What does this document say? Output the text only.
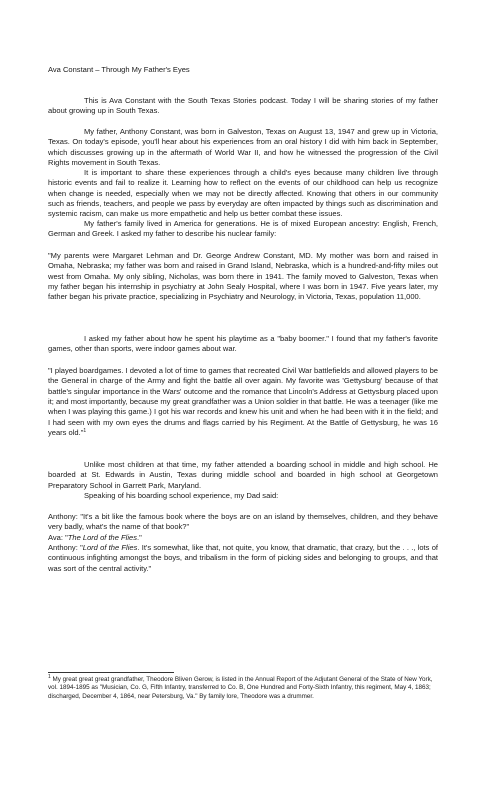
Ava Constant – Through My Father's Eyes

This is Ava Constant with the South Texas Stories podcast. Today I will be sharing stories of my father about growing up in South Texas.

My father, Anthony Constant, was born in Galveston, Texas on August 13, 1947 and grew up in Victoria, Texas. On today's episode, you'll hear about his experiences from an oral history I did with him back in September, which discusses growing up in the aftermath of World War II, and how he witnessed the progression of the Civil Rights movement in South Texas.

It is important to share these experiences through a child's eyes because many children live through historic events and fail to realize it. Learning how to reflect on the events of our childhood can help us recognize when change is needed, especially when we may not be directly affected. Knowing that others in our community such as friends, teachers, and people we pass by everyday are often impacted by things such as discrimination and systemic racism, can make us more empathetic and help us better combat these issues.

My father's family lived in America for generations. He is of mixed European ancestry: English, French, German and Greek. I asked my father to describe his nuclear family:

"My parents were Margaret Lehman and Dr. George Andrew Constant, MD. My mother was born and raised in Omaha, Nebraska; my father was born and raised in Grand Island, Nebraska, which is a hundred-and-fifty miles out west from Omaha. My only sibling, Nicholas, was born there in 1941. The family moved to Galveston, Texas when my father began his internship in psychiatry at John Sealy Hospital, where I was born in 1947. Five years later, my father began his private practice, specializing in Psychiatry and Neurology, in Victoria, Texas, population 11,000.

I asked my father about how he spent his playtime as a "baby boomer." I found that my father's favorite games, other than sports, were indoor games about war.

"I played boardgames. I devoted a lot of time to games that recreated Civil War battlefields and allowed players to be the General in charge of the Army and fight the battle all over again. My favorite was 'Gettysburg' because of that battle's singular importance in the Wars' outcome and the romance that Lincoln's Address at Gettysburg placed upon it; and most importantly, because my great grandfather was a Union soldier in that battle. He was a teenager (like me when I was playing this game.) I got his war records and knew his unit and when he had been with it in the field; and I had seen with my own eyes the drums and flags carried by his Regiment. At the Battle of Gettysburg, he was 16 years old."$^1$

Unlike most children at that time, my father attended a boarding school in middle and high school. He boarded at St. Edwards in Austin, Texas during middle school and boarded in high school at Georgetown Preparatory School in Garrett Park, Maryland.

Speaking of his boarding school experience, my Dad said:

Anthony: "It's a bit like the famous book where the boys are on an island by themselves, children, and they behave very badly, what's the name of that book?"

Ava: "The Lord of the Flies."

Anthony: "Lord of the Flies. It's somewhat, like that, not quite, you know, that dramatic, that crazy, but the . . ., lots of continuous infighting amongst the boys, and tribalism in the form of picking sides and belonging to groups, and that was sort of the central activity."

$^1$ My great great great grandfather, Theodore Bliven Gerow, is listed in the Annual Report of the Adjutant General of the State of New York, vol. 1894-1895 as "Musician, Co. G, Fifth Infantry, transferred to Co. B, One Hundred and Forty-Sixth Infantry, this regiment, May 4, 1863; discharged, December 4, 1864, near Petersburg, Va." By family lore, Theodore was a drummer.
